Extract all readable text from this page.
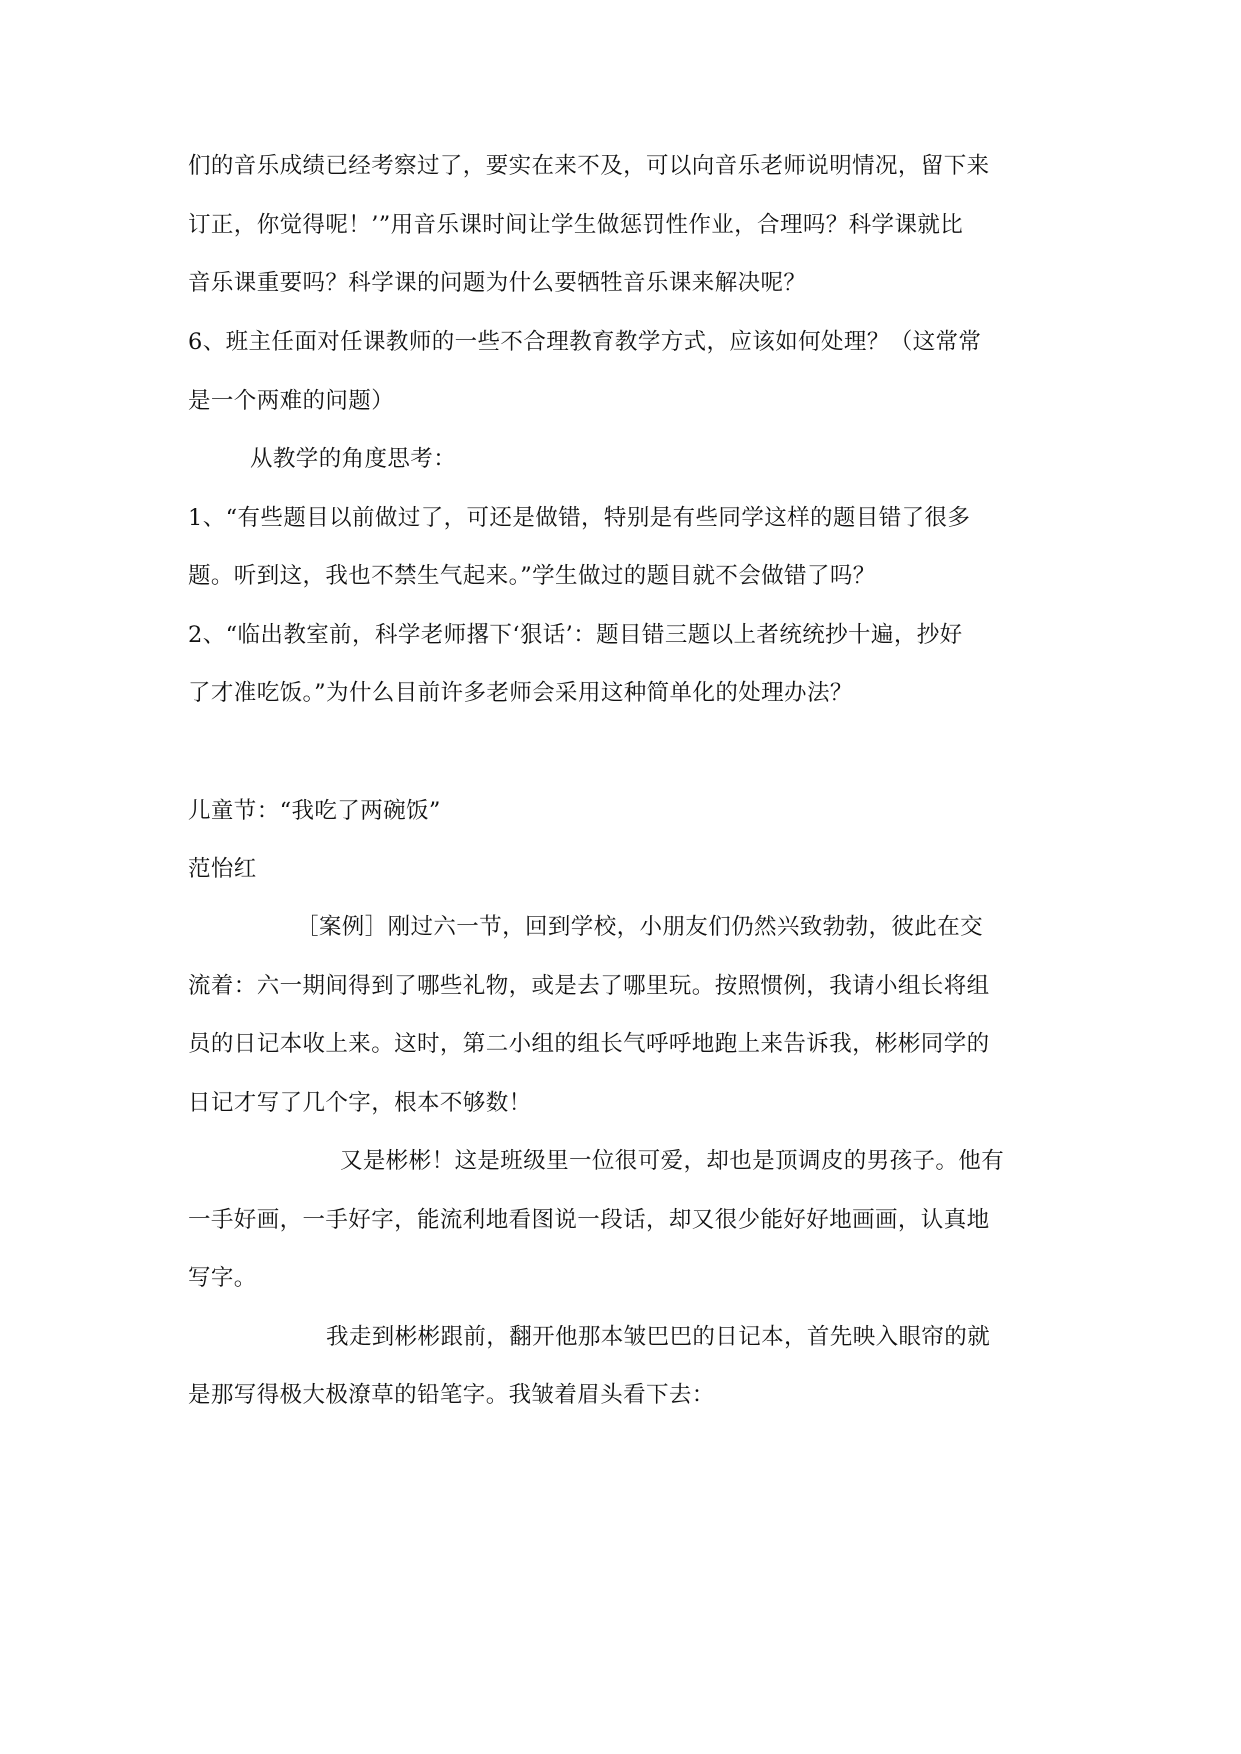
们的音乐成绩已经考察过了，要实在来不及，可以向音乐老师说明情况，留下来
订正，你觉得呢！’”用音乐课时间让学生做惩罚性作业，合理吗？科学课就比
音乐课重要吗？科学课的问题为什么要牺牲音乐课来解决呢？
6、班主任面对任课教师的一些不合理教育教学方式，应该如何处理？（这常常
是一个两难的问题）
从教学的角度思考：
1、“有些题目以前做过了，可还是做错，特别是有些同学这样的题目错了很多
题。听到这，我也不禁生气起来。”学生做过的题目就不会做错了吗？
2、“临出教室前，科学老师撂下‘狠话’：题目错三题以上者统统抄十遍，抄好
了才准吃饭。”为什么目前许多老师会采用这种简单化的处理办法？
儿童节：“我吃了两碗饭”
范怡红
［案例］刚过六一节，回到学校，小朋友们仍然兴致勃勃，彼此在交
流着：六一期间得到了哪些礼物，或是去了哪里玩。按照惯例，我请小组长将组
员的日记本收上来。这时，第二小组的组长气呼呼地跑上来告诉我，彬彬同学的
日记才写了几个字，根本不够数！
又是彬彬！这是班级里一位很可爱，却也是顶调皮的男孩子。他有
一手好画，一手好字，能流利地看图说一段话，却又很少能好好地画画，认真地
写字。
我走到彬彬跟前，翻开他那本皱巴巴的日记本，首先映入眼帘的就
是那写得极大极潦草的铅笔字。我皱着眉头看下去：
